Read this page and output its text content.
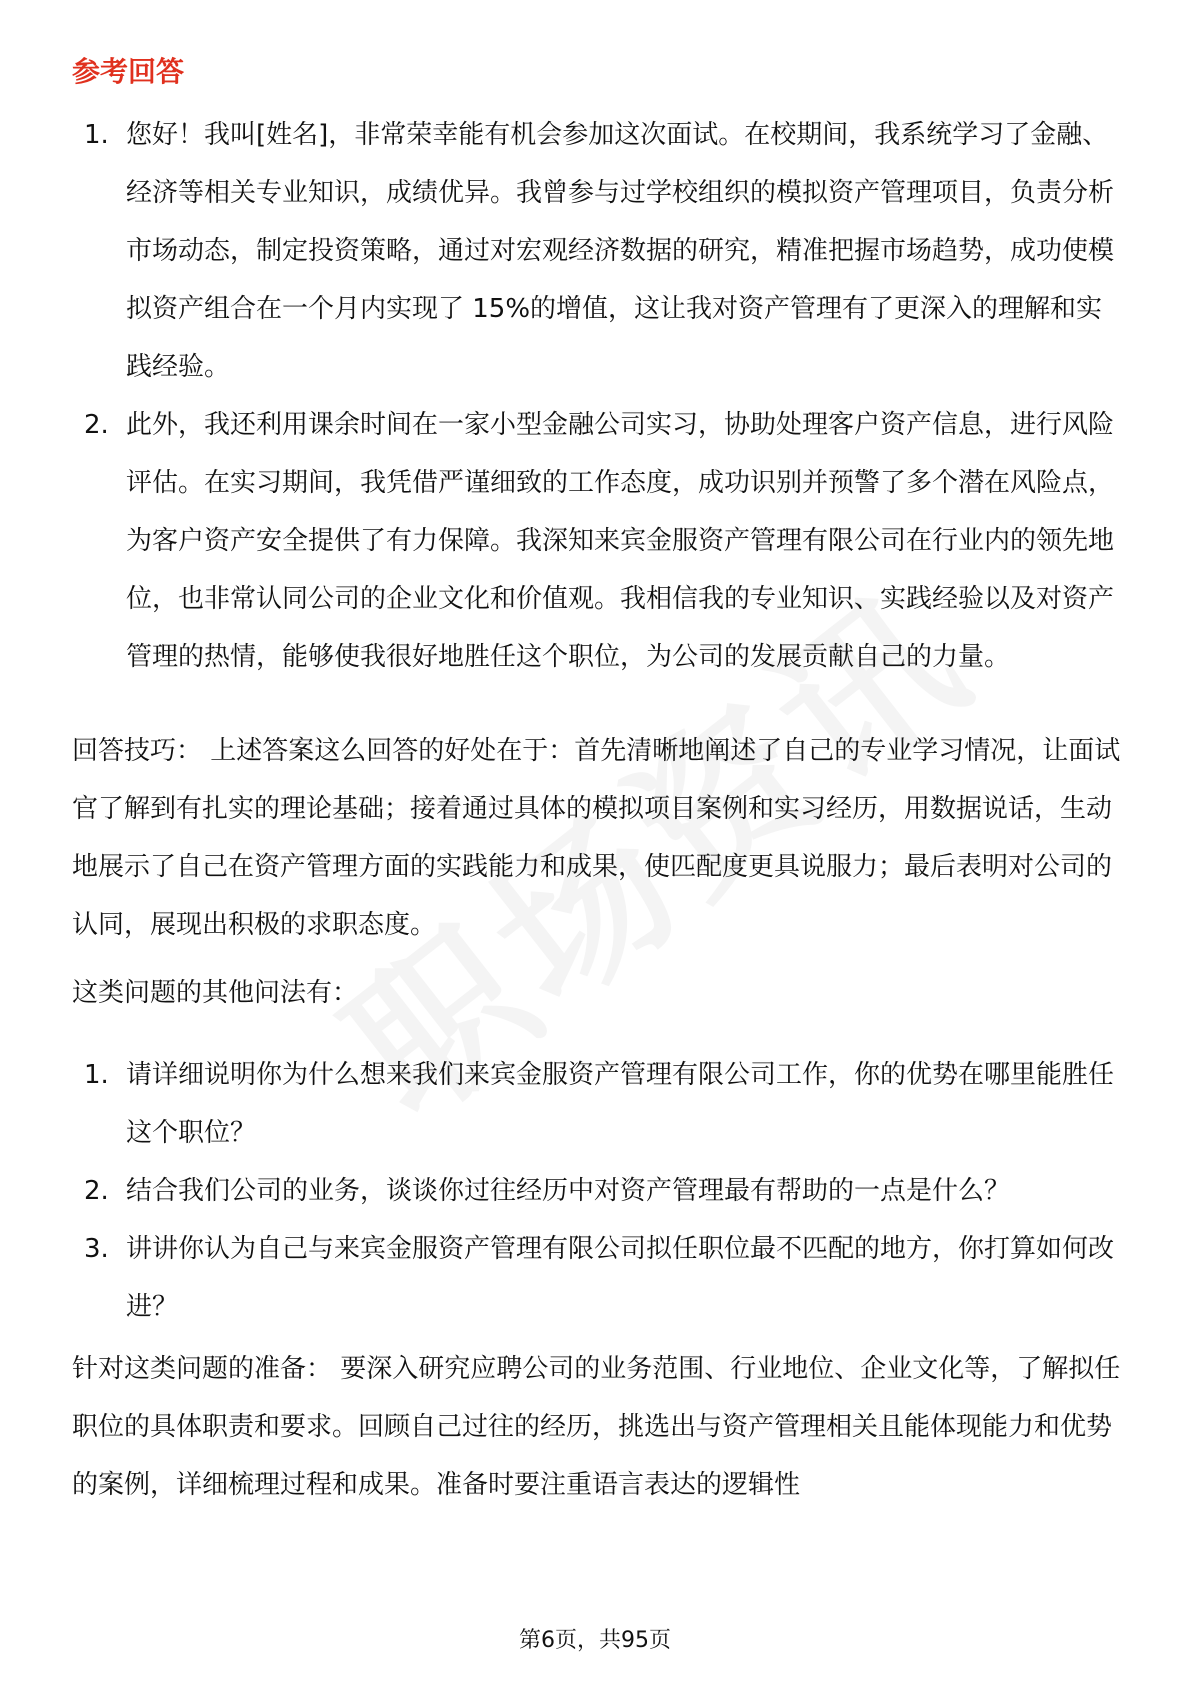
参考回答
1. 您好！我叫[姓名]，非常荣幸能有机会参加这次面试。在校期间，我系统学习了金融、经济等相关专业知识，成绩优异。我曾参与过学校组织的模拟资产管理项目，负责分析市场动态，制定投资策略，通过对宏观经济数据的研究，精准把握市场趋势，成功使模拟资产组合在一个月内实现了 15%的增值，这让我对资产管理有了更深入的理解和实践经验。
2. 此外，我还利用课余时间在一家小型金融公司实习，协助处理客户资产信息，进行风险评估。在实习期间，我凭借严谨细致的工作态度，成功识别并预警了多个潜在风险点，为客户资产安全提供了有力保障。我深知来宾金服资产管理有限公司在行业内的领先地位，也非常认同公司的企业文化和价值观。我相信我的专业知识、实践经验以及对资产管理的热情，能够使我很好地胜任这个职位，为公司的发展贡献自己的力量。

回答技巧： 上述答案这么回答的好处在于：首先清晰地阐述了自己的专业学习情况，让面试官了解到有扎实的理论基础；接着通过具体的模拟项目案例和实习经历，用数据说话，生动地展示了自己在资产管理方面的实践能力和成果，使匹配度更具说服力；最后表明对公司的认同，展现出积极的求职态度。

这类问题的其他问法有：

1. 请详细说明你为什么想来我们来宾金服资产管理有限公司工作，你的优势在哪里能胜任这个职位？
2. 结合我们公司的业务，谈谈你过往经历中对资产管理最有帮助的一点是什么？
3. 讲讲你认为自己与来宾金服资产管理有限公司拟任职位最不匹配的地方，你打算如何改进？

针对这类问题的准备： 要深入研究应聘公司的业务范围、行业地位、企业文化等，了解拟任职位的具体职责和要求。回顾自己过往的经历，挑选出与资产管理相关且能体现能力和优势的案例，详细梳理过程和成果。准备时要注重语言表达的逻辑性

第6页，共95页
